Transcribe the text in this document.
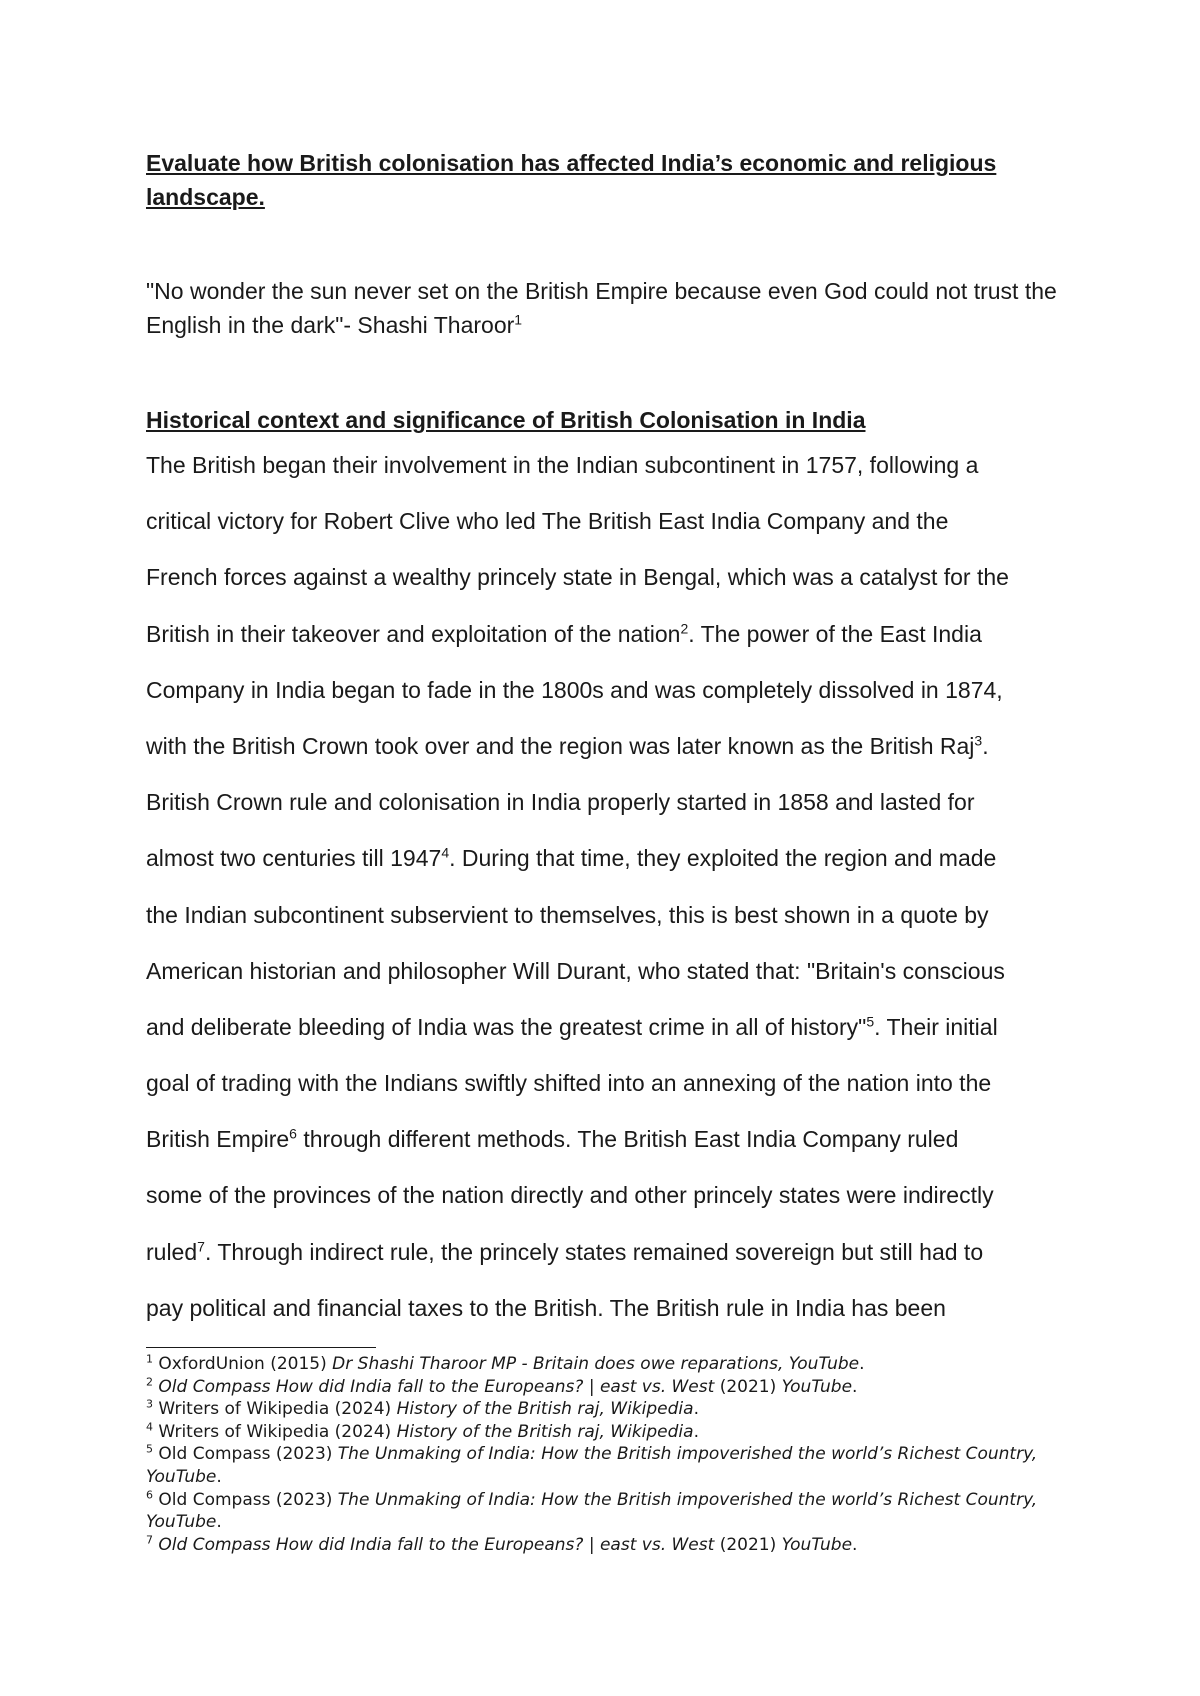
Evaluate how British colonisation has affected India’s economic and religious landscape.

"No wonder the sun never set on the British Empire because even God could not trust the English in the dark"- Shashi Tharoor$^1$

Historical context and significance of British Colonisation in India

The British began their involvement in the Indian subcontinent in 1757, following a
critical victory for Robert Clive who led The British East India Company and the
French forces against a wealthy princely state in Bengal, which was a catalyst for the
British in their takeover and exploitation of the nation$^2$. The power of the East India
Company in India began to fade in the 1800s and was completely dissolved in 1874,
with the British Crown took over and the region was later known as the British Raj$^3$.
British Crown rule and colonisation in India properly started in 1858 and lasted for
almost two centuries till 1947$^4$. During that time, they exploited the region and made
the Indian subcontinent subservient to themselves, this is best shown in a quote by
American historian and philosopher Will Durant, who stated that: "Britain's conscious
and deliberate bleeding of India was the greatest crime in all of history"$^5$. Their initial
goal of trading with the Indians swiftly shifted into an annexing of the nation into the
British Empire$^6$ through different methods. The British East India Company ruled
some of the provinces of the nation directly and other princely states were indirectly
ruled$^7$. Through indirect rule, the princely states remained sovereign but still had to
pay political and financial taxes to the British. The British rule in India has been

$^1$ OxfordUnion (2015) Dr Shashi Tharoor MP - Britain does owe reparations, YouTube.

$^2$ Old Compass How did India fall to the Europeans? | east vs. West (2021) YouTube.

$^3$ Writers of Wikipedia (2024) History of the British raj, Wikipedia.

$^4$ Writers of Wikipedia (2024) History of the British raj, Wikipedia.

$^5$ Old Compass (2023) The Unmaking of India: How the British impoverished the world’s Richest Country, YouTube.

$^6$ Old Compass (2023) The Unmaking of India: How the British impoverished the world’s Richest Country, YouTube.

$^7$ Old Compass How did India fall to the Europeans? | east vs. West (2021) YouTube.
